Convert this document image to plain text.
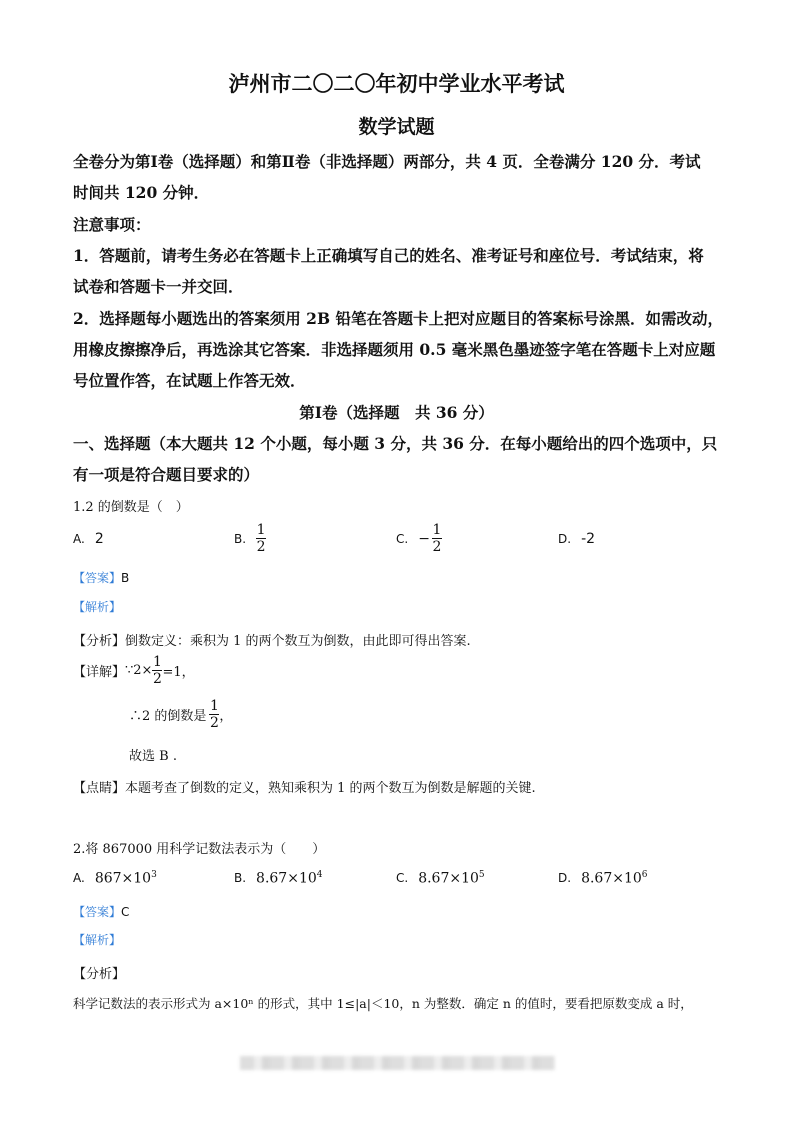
泸州市二〇二〇年初中学业水平考试
数学试题
全卷分为第Ⅰ卷（选择题）和第Ⅱ卷（非选择题）两部分，共 4 页．全卷满分 120 分．考试
时间共 120 分钟．
注意事项：
1．答题前，请考生务必在答题卡上正确填写自己的姓名、准考证号和座位号．考试结束，将
试卷和答题卡一并交回．
2．选择题每小题选出的答案须用 2B 铅笔在答题卡上把对应题目的答案标号涂黑．如需改动，
用橡皮擦擦净后，再选涂其它答案．非选择题须用 0.5 毫米黑色墨迹签字笔在答题卡上对应题
号位置作答，在试题上作答无效．
第Ⅰ卷（选择题　共 36 分）
一、选择题（本大题共 12 个小题，每小题 3 分，共 36 分．在每小题给出的四个选项中，只
有一项是符合题目要求的）
1.2 的倒数是（　）
A. 2	B. $\frac{1}{2}$	C. − $\frac{1}{2}$	D. -2
【答案】B
【解析】
【分析】倒数定义：乘积为 1 的两个数互为倒数，由此即可得出答案.
【详解】 ∵2× $\frac{1}{2} =1$，
∴2 的倒数是 $\frac{1}{2}$ ，
故选 B .
【点睛】本题考查了倒数的定义，熟知乘积为 1 的两个数互为倒数是解题的关键.
2.将 867000 用科学记数法表示为（　　）
A. $867\times 10^3$	B. $8.67\times 10^4$	C. $8.67\times 10^5$	D. $8.67\times 10^6$
【答案】C
【解析】
【分析】
科学记数法的表示形式为 a×10ⁿ 的形式，其中 1≤|a|＜10，n 为整数．确定 n 的值时，要看把原数变成 a 时，
